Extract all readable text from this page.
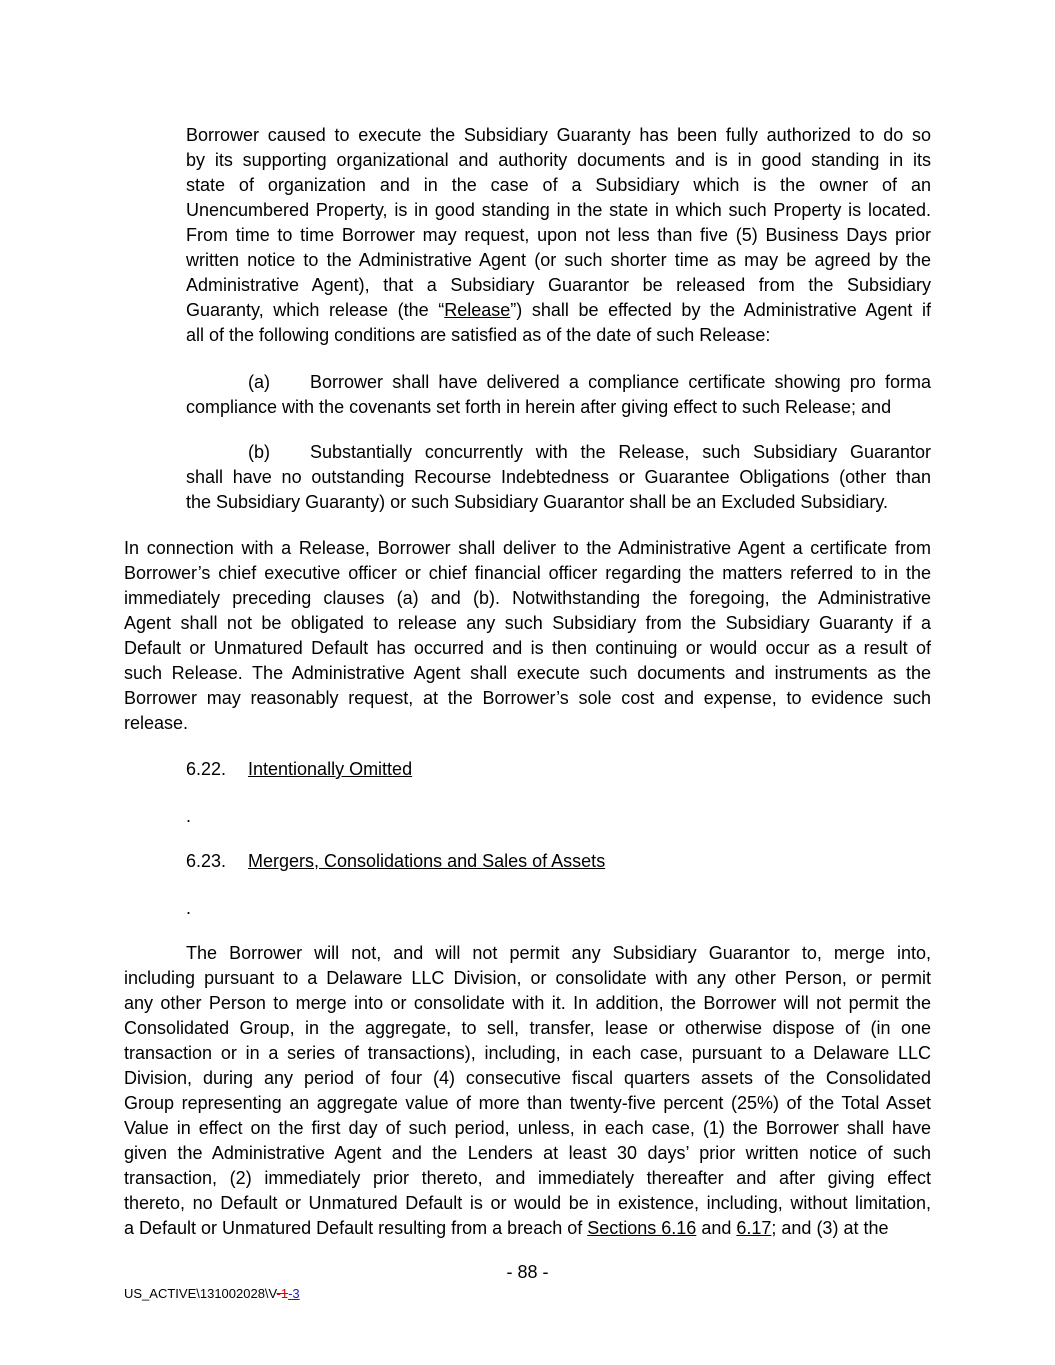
Borrower caused to execute the Subsidiary Guaranty has been fully authorized to do so
by its supporting organizational and authority documents and is in good standing in its
state of organization and in the case of a Subsidiary which is the owner of an
Unencumbered Property, is in good standing in the state in which such Property is located.
From time to time Borrower may request, upon not less than five (5) Business Days prior
written notice to the Administrative Agent (or such shorter time as may be agreed by the
Administrative Agent), that a Subsidiary Guarantor be released from the Subsidiary
Guaranty, which release (the “Release”) shall be effected by the Administrative Agent if
all of the following conditions are satisfied as of the date of such Release:
(a) Borrower shall have delivered a compliance certificate showing pro forma
compliance with the covenants set forth in herein after giving effect to such Release; and
(b) Substantially concurrently with the Release, such Subsidiary Guarantor
shall have no outstanding Recourse Indebtedness or Guarantee Obligations (other than
the Subsidiary Guaranty) or such Subsidiary Guarantor shall be an Excluded Subsidiary.
In connection with a Release, Borrower shall deliver to the Administrative Agent a certificate from
Borrower’s chief executive officer or chief financial officer regarding the matters referred to in the
immediately preceding clauses (a) and (b). Notwithstanding the foregoing, the Administrative
Agent shall not be obligated to release any such Subsidiary from the Subsidiary Guaranty if a
Default or Unmatured Default has occurred and is then continuing or would occur as a result of
such Release. The Administrative Agent shall execute such documents and instruments as the
Borrower may reasonably request, at the Borrower’s sole cost and expense, to evidence such
release.
6.22. Intentionally Omitted
.
6.23. Mergers, Consolidations and Sales of Assets
.
The Borrower will not, and will not permit any Subsidiary Guarantor to, merge into,
including pursuant to a Delaware LLC Division, or consolidate with any other Person, or permit
any other Person to merge into or consolidate with it. In addition, the Borrower will not permit the
Consolidated Group, in the aggregate, to sell, transfer, lease or otherwise dispose of (in one
transaction or in a series of transactions), including, in each case, pursuant to a Delaware LLC
Division, during any period of four (4) consecutive fiscal quarters assets of the Consolidated
Group representing an aggregate value of more than twenty-five percent (25%) of the Total Asset
Value in effect on the first day of such period, unless, in each case, (1) the Borrower shall have
given the Administrative Agent and the Lenders at least 30 days’ prior written notice of such
transaction, (2) immediately prior thereto, and immediately thereafter and after giving effect
thereto, no Default or Unmatured Default is or would be in existence, including, without limitation,
a Default or Unmatured Default resulting from a breach of Sections 6.16 and 6.17; and (3) at the
- 88 -
US_ACTIVE\131002028\V-1-3
